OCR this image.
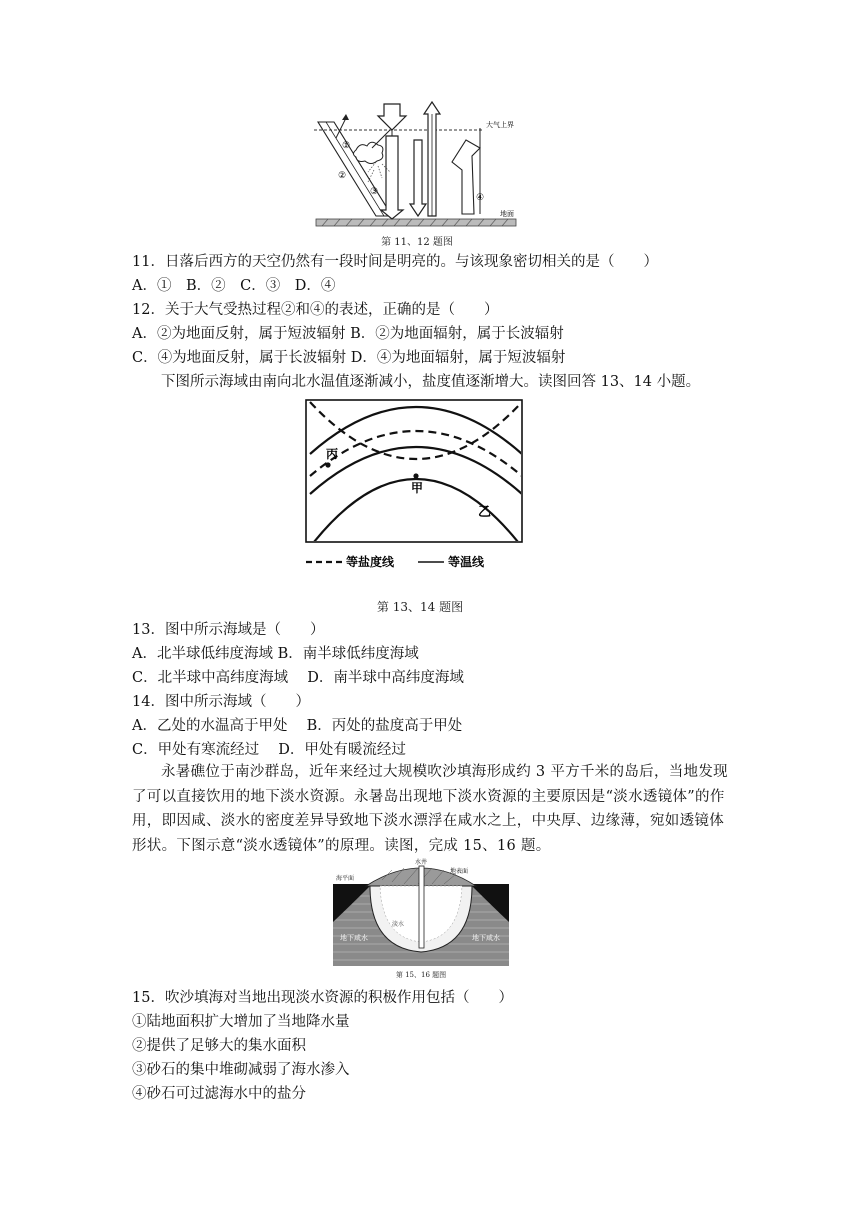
大气上界
地面
①
②
③
④
第 11、12 题图
11．日落后西方的天空仍然有一段时间是明亮的。与该现象密切相关的是（　　）
A．①　B．②　C．③　D．④
12．关于大气受热过程②和④的表述，正确的是（　　）
A．②为地面反射，属于短波辐射 B．②为地面辐射，属于长波辐射
C．④为地面反射，属于长波辐射 D．④为地面辐射，属于短波辐射
下图所示海域由南向北水温值逐渐减小，盐度值逐渐增大。读图回答 13、14 小题。
丙
甲
乙
等盐度线	等温线
第 13、14 题图
13．图中所示海域是（　　）
A．北半球低纬度海域 B．南半球低纬度海域
C．北半球中高纬度海域　 D．南半球中高纬度海域
14．图中所示海域（　　）
A．乙处的水温高于甲处　 B．丙处的盐度高于甲处
C．甲处有寒流经过　 D．甲处有暖流经过
永暑礁位于南沙群岛，近年来经过大规模吹沙填海形成约 3 平方千米的岛后，当地发现了可以直接饮用的地下淡水资源。永暑岛出现地下淡水资源的主要原因是“淡水透镜体”的作用，即因咸、淡水的密度差异导致地下淡水漂浮在咸水之上，中央厚、边缘薄，宛如透镜体形状。下图示意“淡水透镜体”的原理。读图，完成 15、16 题。
水井
地表面
海平面
地下咸水	地下咸水
淡水
第 15、16 题图
15．吹沙填海对当地出现淡水资源的积极作用包括（　　）
①陆地面积扩大增加了当地降水量
②提供了足够大的集水面积
③砂石的集中堆砌减弱了海水渗入
④砂石可过滤海水中的盐分
